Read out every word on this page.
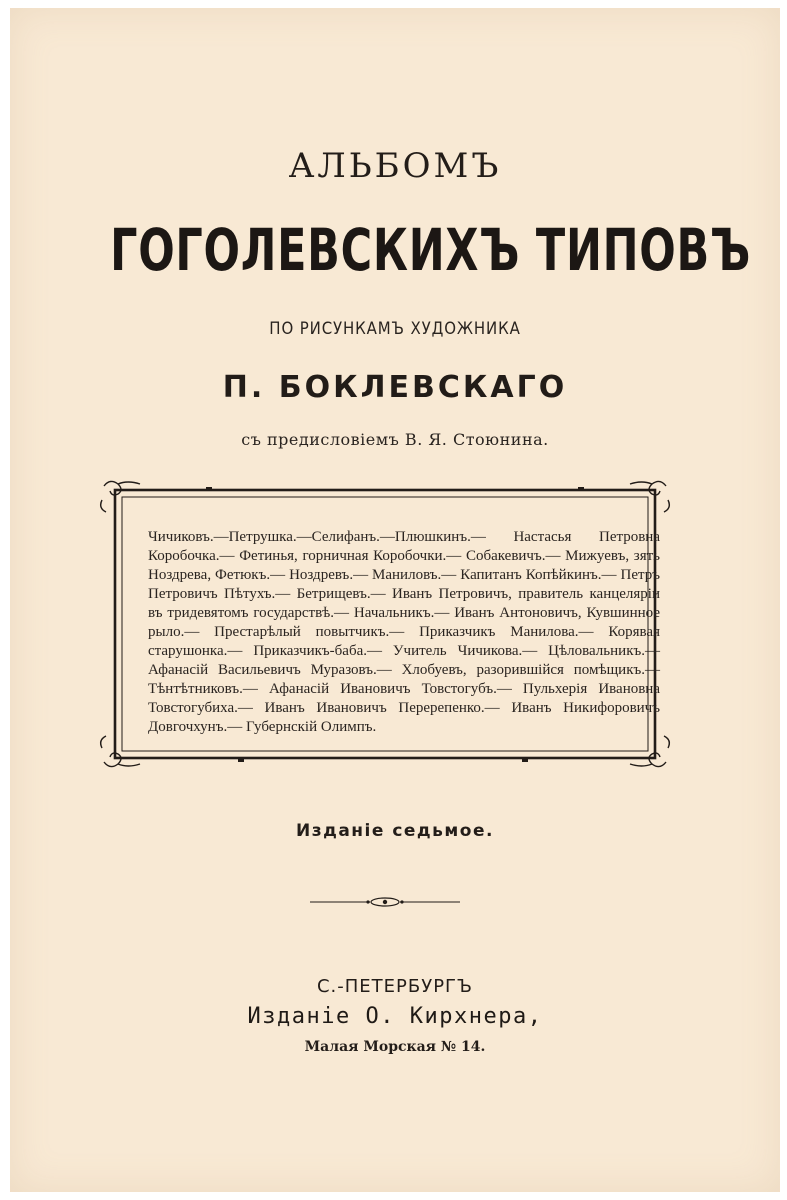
АЛЬБОМЪ
ГОГОЛЕВСКИХЪ ТИПОВЪ
ПО РИСУНКАМЪ ХУДОЖНИКА
П. БОКЛЕВСКАГО
съ предисловіемъ В. Я. Стоюнина.

Чичиковъ.—Петрушка.—Селифанъ.—Плюшкинъ.— Настасья Петровна Коробочка.— Фетинья, горничная Коробочки.— Собакевичъ.— Мижуевъ, зять Ноздрева, Фетюкъ.— Ноздревъ.— Маниловъ.— Капитанъ Копѣйкинъ.— Петръ Петровичъ Пѣтухъ.— Бетрищевъ.— Иванъ Петровичъ, правитель канцеляріи въ тридевятомъ государствѣ.— Начальникъ.— Иванъ Антоновичъ, Кувшинное рыло.— Престарѣлый повытчикъ.— Приказчикъ Манилова.— Корявая старушонка.— Приказчикъ-баба.— Учитель Чичикова.— Цѣловальникъ.— Афанасій Васильевичъ Муразовъ.— Хлобуевъ, разорившійся помѣщикъ.—Тѣнтѣтниковъ.— Афанасій Ивановичъ Товстогубъ.— Пульхерія Ивановна Товстогубиха.— Иванъ Ивановичъ Перерепенко.— Иванъ Никифоровичъ Довгочхунъ.— Губернскій Олимпъ.

Изданіе седьмое.
С.-ПЕТЕРБУРГЪ
Изданіе О. Кирхнера,
Малая Морская № 14.
